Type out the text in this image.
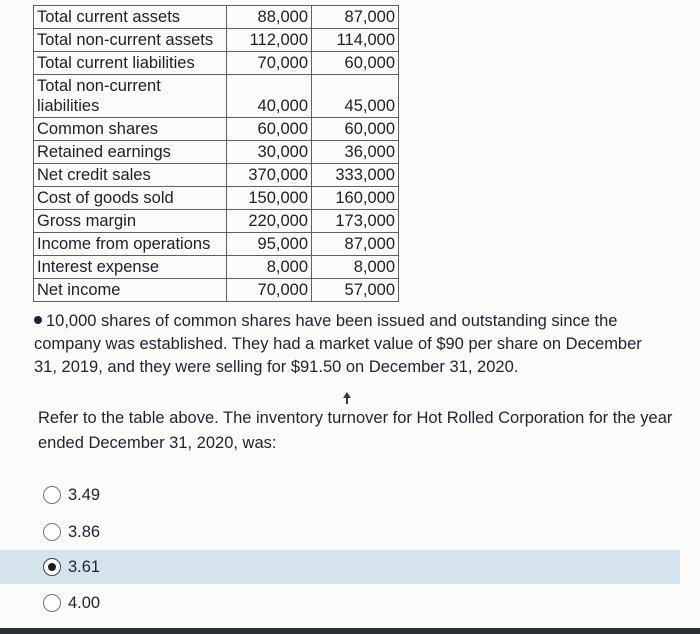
Total current assets	88,000	87,000
Total non-current assets	112,000	114,000
Total current liabilities	70,000	60,000
Total non-current liabilities	40,000	45,000
Common shares	60,000	60,000
Retained earnings	30,000	36,000
Net credit sales	370,000	333,000
Cost of goods sold	150,000	160,000
Gross margin	220,000	173,000
Income from operations	95,000	87,000
Interest expense	8,000	8,000
Net income	70,000	57,000
10,000 shares of common shares have been issued and outstanding since the company was established. They had a market value of $90 per share on December 31, 2019, and they were selling for $91.50 on December 31, 2020.
Refer to the table above. The inventory turnover for Hot Rolled Corporation for the year ended December 31, 2020, was:
3.49
3.86
3.61
4.00
